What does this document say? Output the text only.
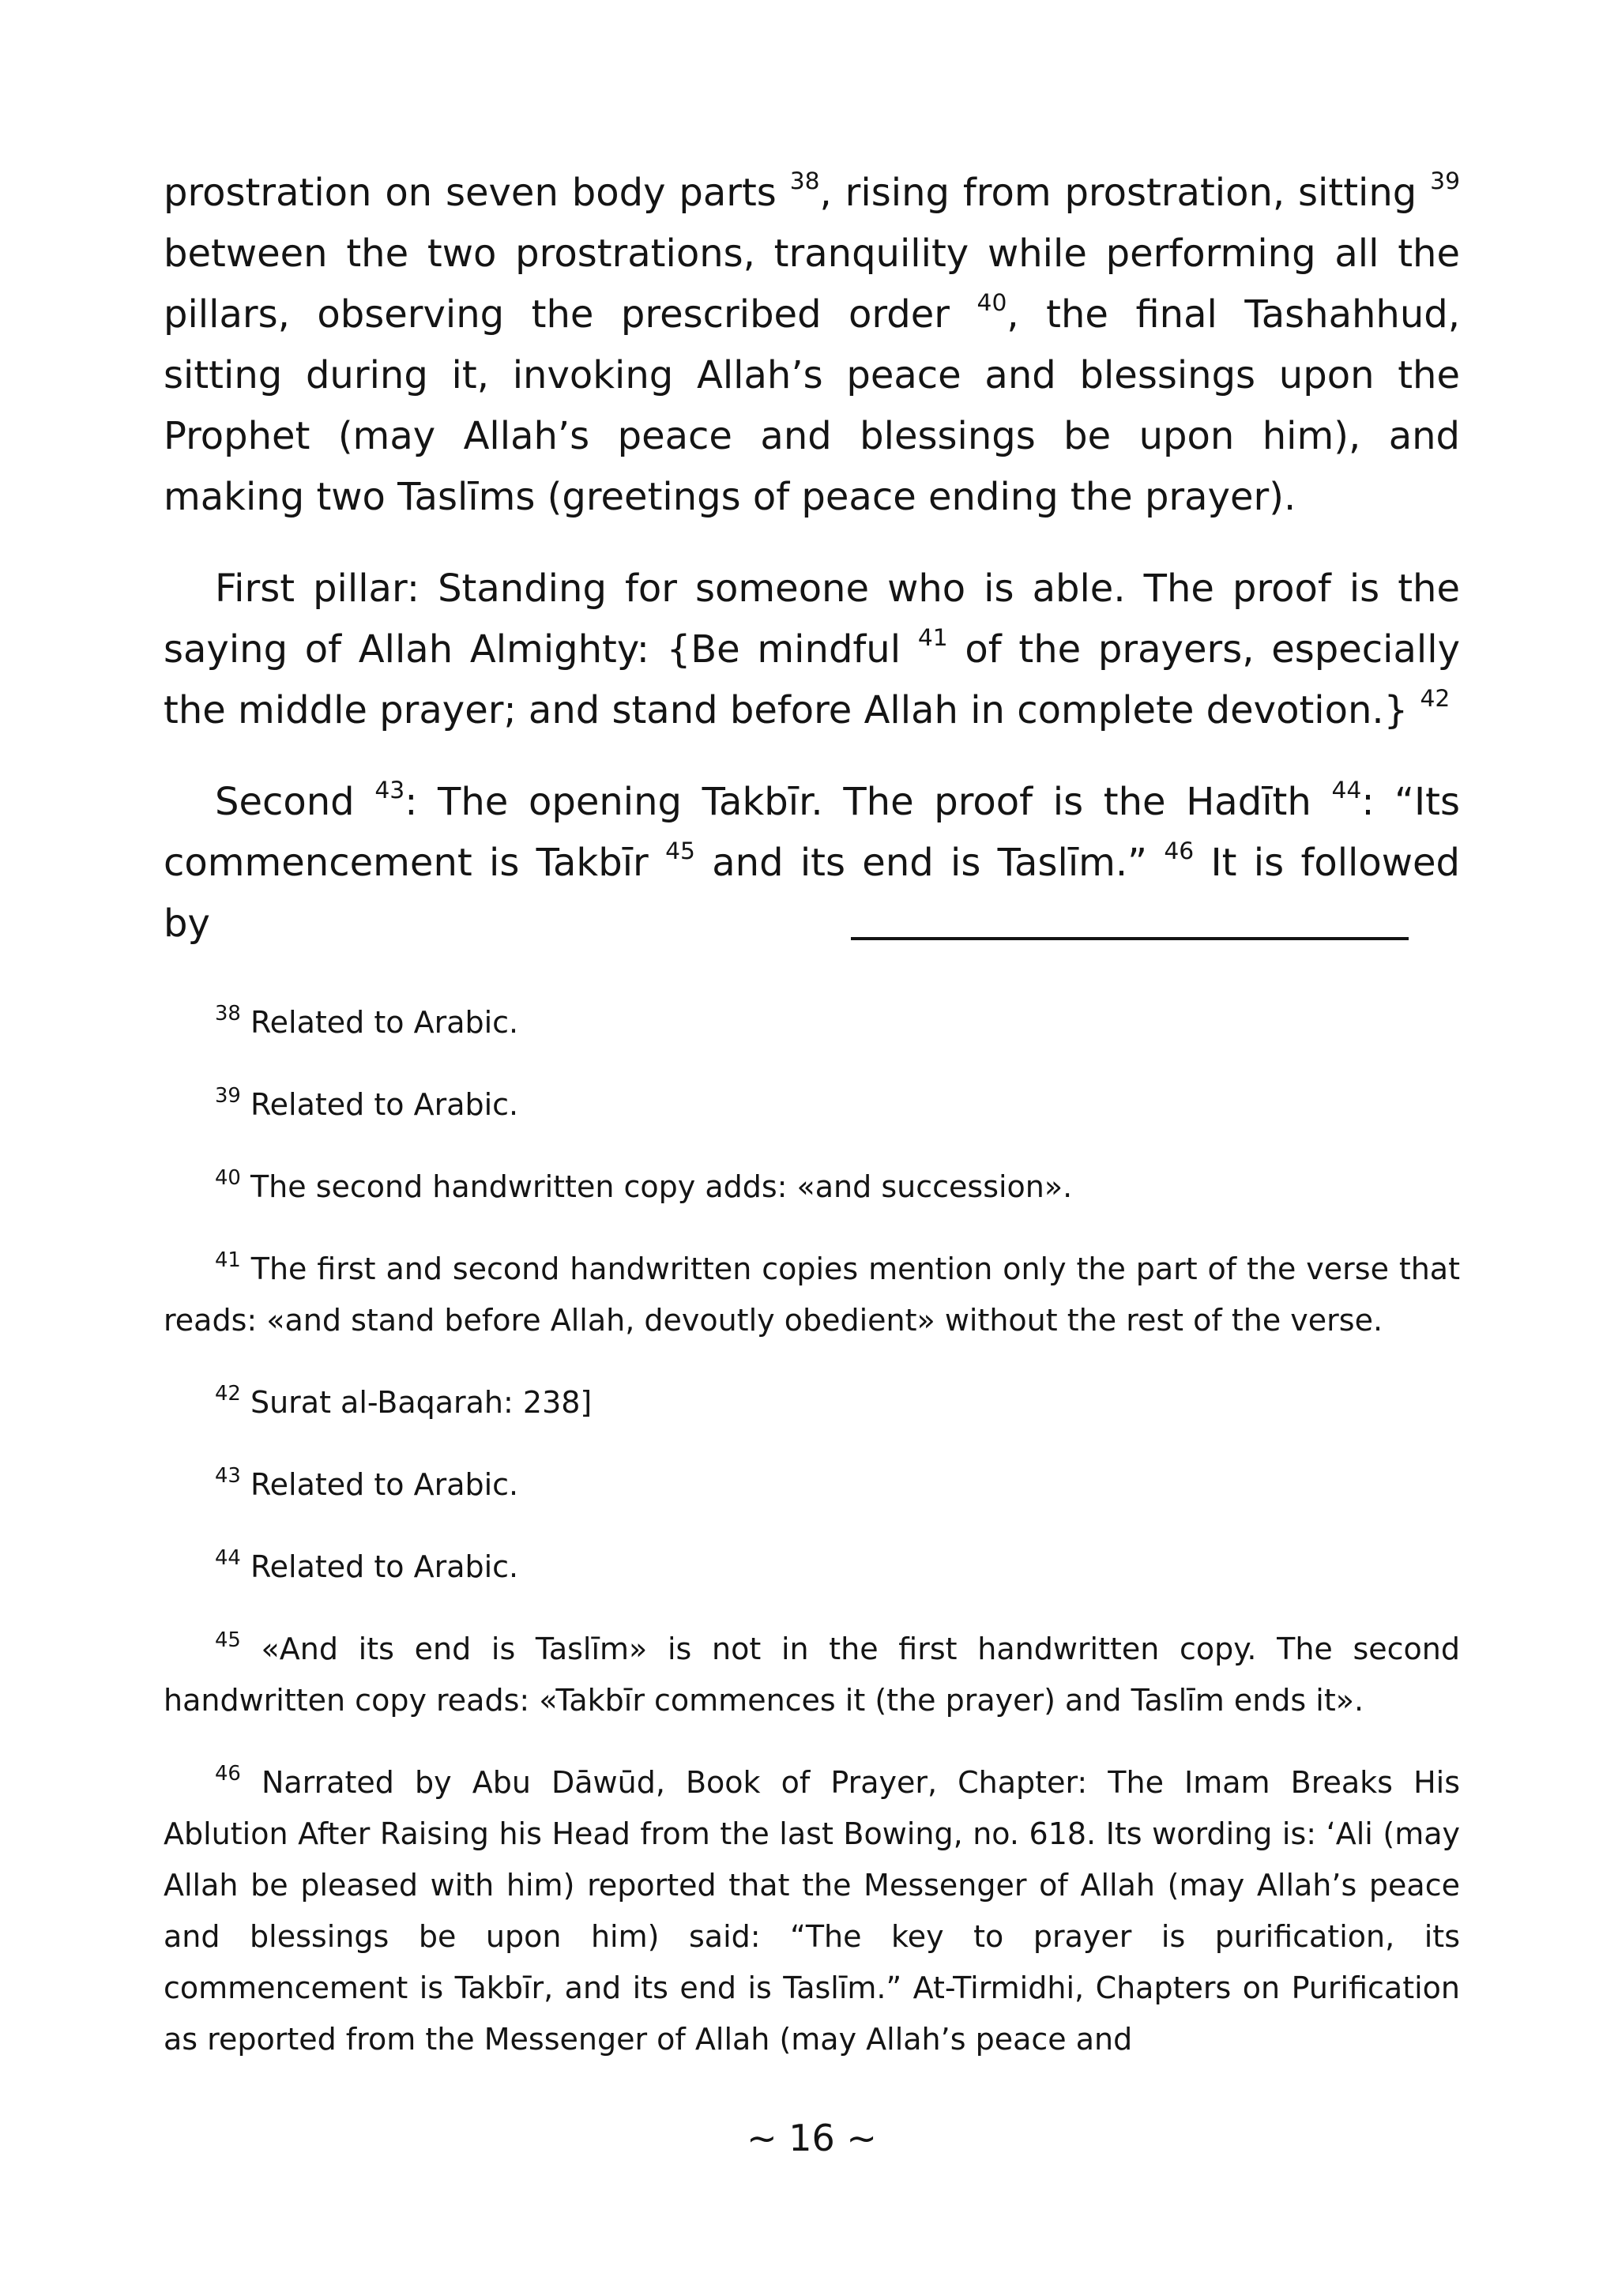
prostration on seven body parts $^{38}$, rising from prostration, sitting $^{39}$ between the two prostrations, tranquility while performing all the pillars, observing the prescribed order $^{40}$, the final Tashahhud, sitting during it, invoking Allah’s peace and blessings upon the Prophet (may Allah’s peace and blessings be upon him), and making two Taslīms (greetings of peace ending the prayer).

First pillar: Standing for someone who is able. The proof is the saying of Allah Almighty: {Be mindful $^{41}$ of the prayers, especially the middle prayer; and stand before Allah in complete devotion.} $^{42}$

Second $^{43}$: The opening Takbīr. The proof is the Hadīth $^{44}$: “Its commencement is Takbīr $^{45}$ and its end is Taslīm.” $^{46}$ It is followed by

$^{38}$ Related to Arabic.

$^{39}$ Related to Arabic.

$^{40}$ The second handwritten copy adds: «and succession».

$^{41}$ The first and second handwritten copies mention only the part of the verse that reads: «and stand before Allah, devoutly obedient» without the rest of the verse.

$^{42}$ Surat al-Baqarah: 238]

$^{43}$ Related to Arabic.

$^{44}$ Related to Arabic.

$^{45}$ «And its end is Taslīm» is not in the first handwritten copy. The second handwritten copy reads: «Takbīr commences it (the prayer) and Taslīm ends it».

$^{46}$ Narrated by Abu Dāwūd, Book of Prayer, Chapter: The Imam Breaks His Ablution After Raising his Head from the last Bowing, no. 618. Its wording is: ‘Ali (may Allah be pleased with him) reported that the Messenger of Allah (may Allah’s peace and blessings be upon him) said: “The key to prayer is purification, its commencement is Takbīr, and its end is Taslīm.” At-Tirmidhi, Chapters on Purification as reported from the Messenger of Allah (may Allah’s peace and

~ 16 ~
